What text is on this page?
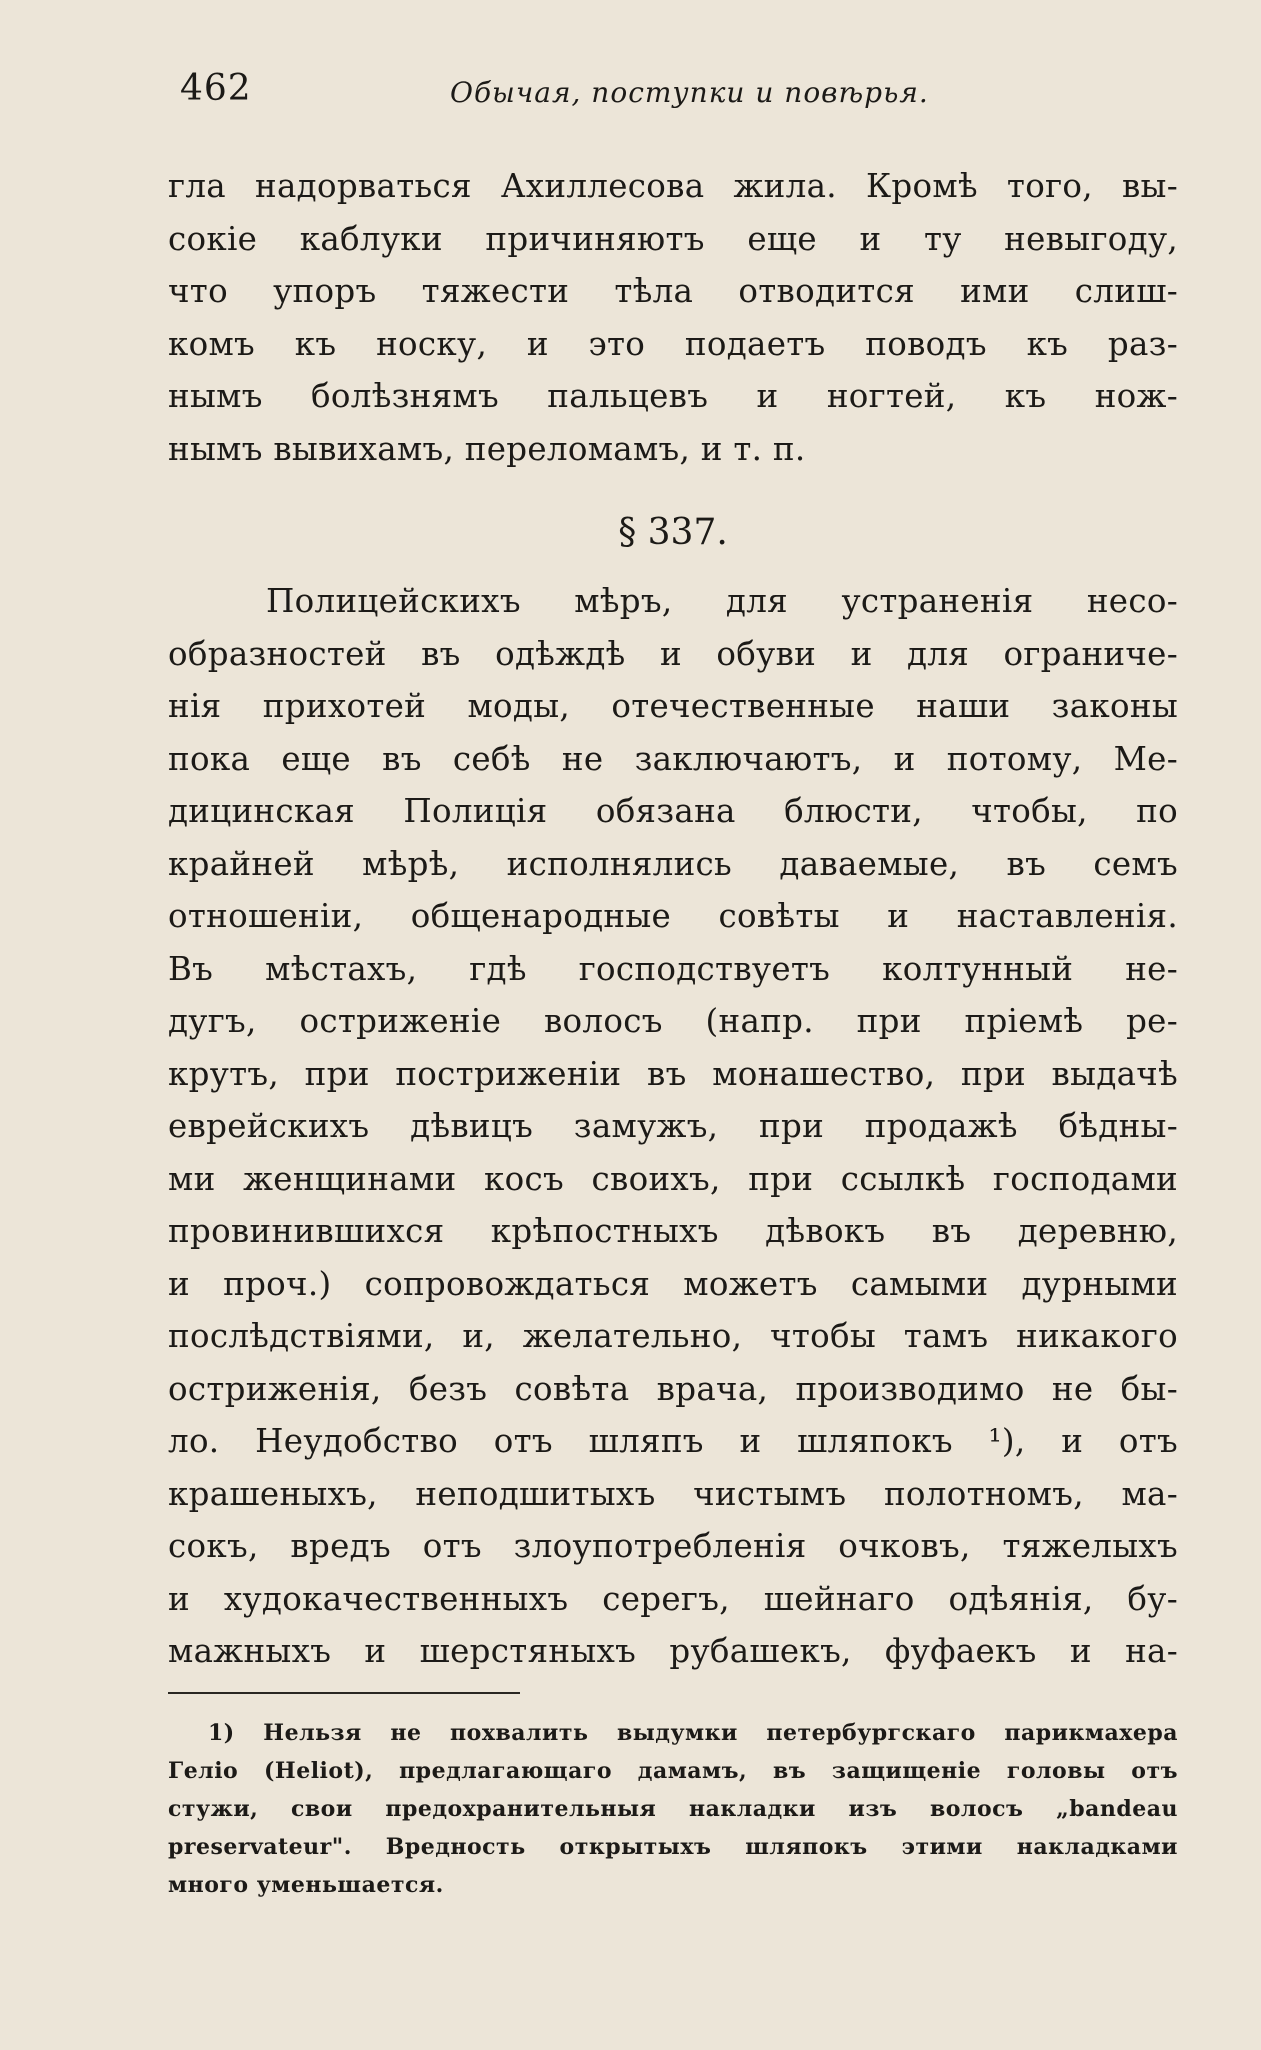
462	Обычая, поступки и повѣрья.
гла надорваться Ахиллесова жила. Кромѣ того, вы-
сокіе каблуки причиняютъ еще и ту невыгоду,
что упоръ тяжести тѣла отводится ими слиш-
комъ къ носку, и это подаетъ поводъ къ раз-
нымъ болѣзнямъ пальцевъ и ногтей, къ нож-
нымъ вывихамъ, переломамъ, и т. п.
§ 337.
Полицейскихъ мѣръ, для устраненія несо-
образностей въ одѣждѣ и обуви и для ограниче-
нія прихотей моды, отечественные наши законы
пока еще въ себѣ не заключаютъ, и потому, Ме-
дицинская Полиція обязана блюсти, чтобы, по
крайней мѣрѣ, исполнялись даваемые, въ семъ
отношеніи, общенародные совѣты и наставленія.
Въ мѣстахъ, гдѣ господствуетъ колтунный не-
дугъ, остриженіе волосъ (напр. при пріемѣ ре-
крутъ, при постриженіи въ монашество, при выдачѣ
еврейскихъ дѣвицъ замужъ, при продажѣ бѣдны-
ми женщинами косъ своихъ, при ссылкѣ господами
провинившихся крѣпостныхъ дѣвокъ въ деревню,
и проч.) сопровождаться можетъ самыми дурными
послѣдствіями, и, желательно, чтобы тамъ никакого
остриженія, безъ совѣта врача, производимо не бы-
ло. Неудобство отъ шляпъ и шляпокъ ¹), и отъ
крашеныхъ, неподшитыхъ чистымъ полотномъ, ма-
сокъ, вредъ отъ злоупотребленія очковъ, тяжелыхъ
и худокачественныхъ серегъ, шейнаго одѣянія, бу-
мажныхъ и шерстяныхъ рубашекъ, фуфаекъ и на-
1) Нельзя не похвалить выдумки петербургскаго парикмахера
Гелiо (Heliot), предлагающаго дамамъ, въ защищеніе головы отъ
стужи, свои предохранительныя накладки изъ волосъ „bandeau
preservateur". Вредность открытыхъ шляпокъ этими накладками
много уменьшается.
